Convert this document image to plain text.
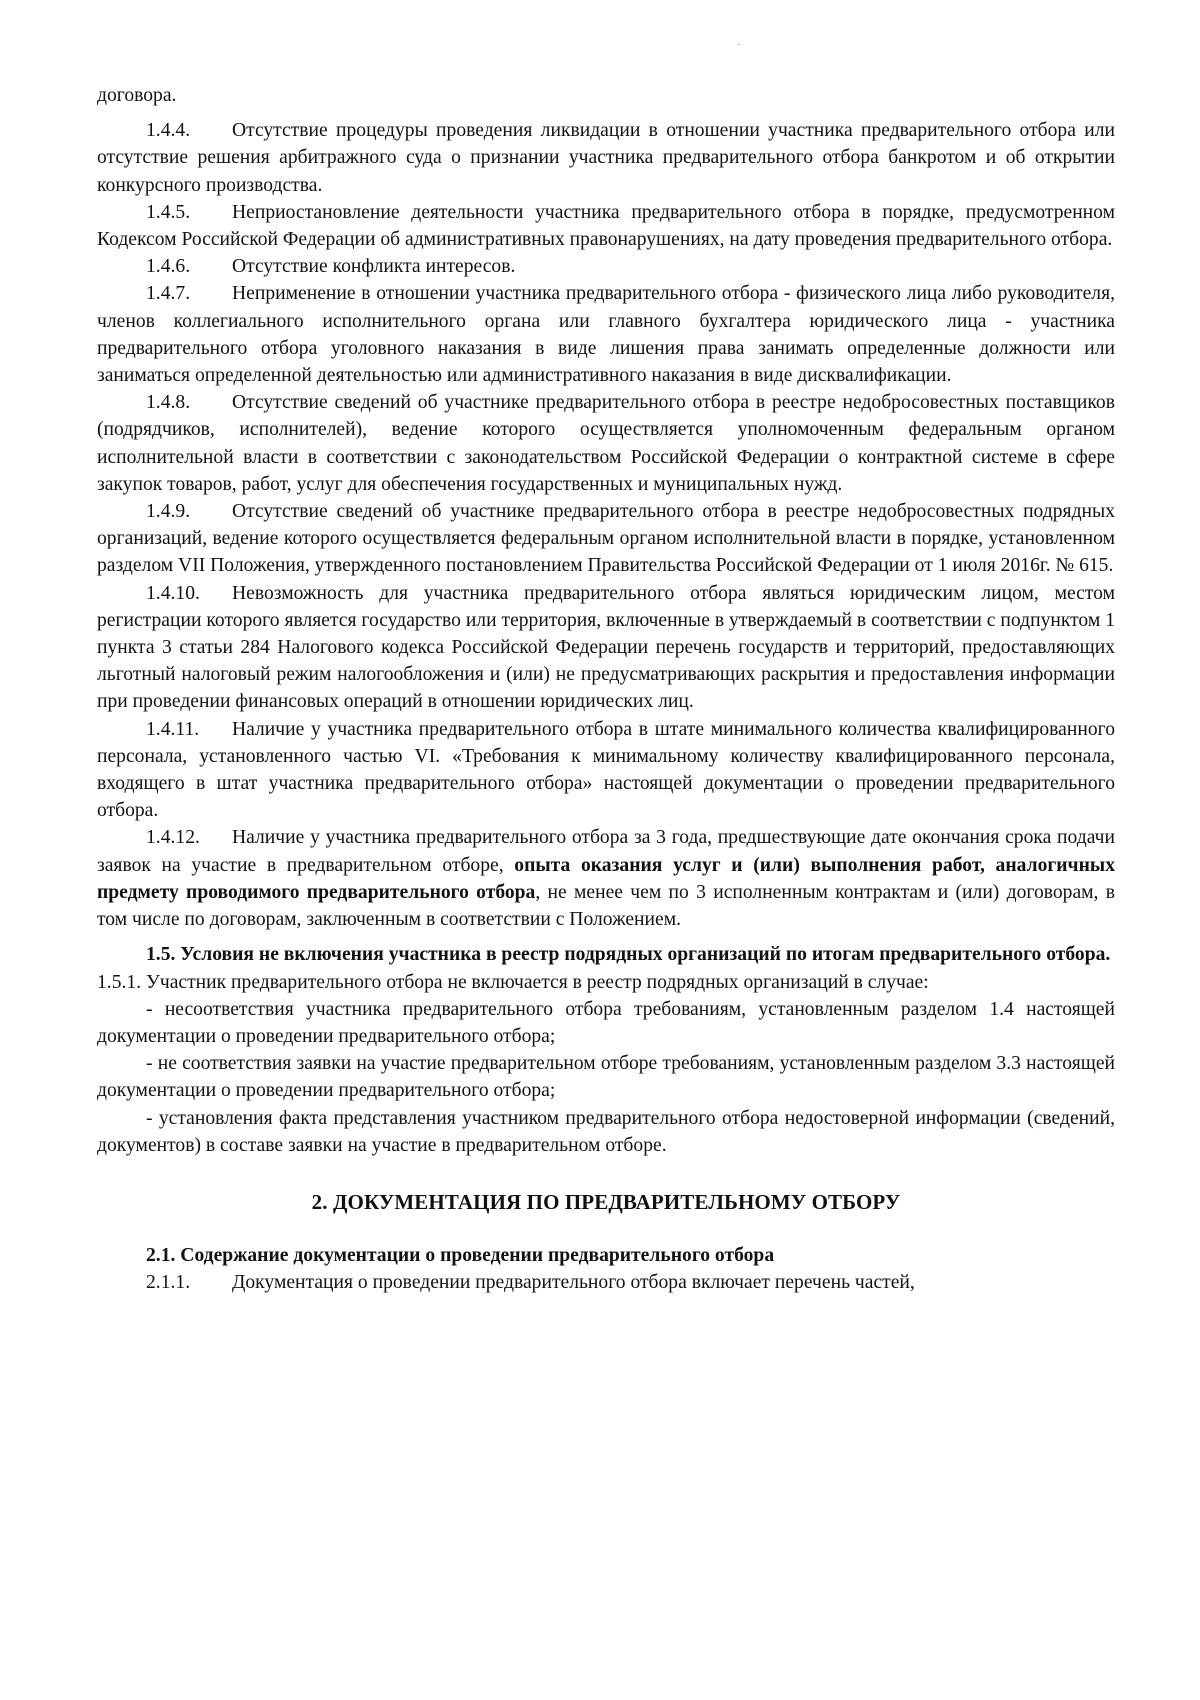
договора.

1.4.4. Отсутствие процедуры проведения ликвидации в отношении участника предварительного отбора или отсутствие решения арбитражного суда о признании участника предварительного отбора банкротом и об открытии конкурсного производства.

1.4.5. Неприостановление деятельности участника предварительного отбора в порядке, предусмотренном Кодексом Российской Федерации об административных правонарушениях, на дату проведения предварительного отбора.

1.4.6. Отсутствие конфликта интересов.

1.4.7. Неприменение в отношении участника предварительного отбора - физического лица либо руководителя, членов коллегиального исполнительного органа или главного бухгалтера юридического лица - участника предварительного отбора уголовного наказания в виде лишения права занимать определенные должности или заниматься определенной деятельностью или административного наказания в виде дисквалификации.

1.4.8. Отсутствие сведений об участнике предварительного отбора в реестре недобросовестных поставщиков (подрядчиков, исполнителей), ведение которого осуществляется уполномоченным федеральным органом исполнительной власти в соответствии с законодательством Российской Федерации о контрактной системе в сфере закупок товаров, работ, услуг для обеспечения государственных и муниципальных нужд.

1.4.9. Отсутствие сведений об участнике предварительного отбора в реестре недобросовестных подрядных организаций, ведение которого осуществляется федеральным органом исполнительной власти в порядке, установленном разделом VII Положения, утвержденного постановлением Правительства Российской Федерации от 1 июля 2016г. № 615.

1.4.10. Невозможность для участника предварительного отбора являться юридическим лицом, местом регистрации которого является государство или территория, включенные в утверждаемый в соответствии с подпунктом 1 пункта 3 статьи 284 Налогового кодекса Российской Федерации перечень государств и территорий, предоставляющих льготный налоговый режим налогообложения и (или) не предусматривающих раскрытия и предоставления информации при проведении финансовых операций в отношении юридических лиц.

1.4.11. Наличие у участника предварительного отбора в штате минимального количества квалифицированного персонала, установленного частью VI. «Требования к минимальному количеству квалифицированного персонала, входящего в штат участника предварительного отбора» настоящей документации о проведении предварительного отбора.

1.4.12. Наличие у участника предварительного отбора за 3 года, предшествующие дате окончания срока подачи заявок на участие в предварительном отборе, опыта оказания услуг и (или) выполнения работ, аналогичных предмету проводимого предварительного отбора, не менее чем по 3 исполненным контрактам и (или) договорам, в том числе по договорам, заключенным в соответствии с Положением.

1.5. Условия не включения участника в реестр подрядных организаций по итогам предварительного отбора.

1.5.1. Участник предварительного отбора не включается в реестр подрядных организаций в случае:

- несоответствия участника предварительного отбора требованиям, установленным разделом 1.4 настоящей документации о проведении предварительного отбора;

- не соответствия заявки на участие предварительном отборе требованиям, установленным разделом 3.3 настоящей документации о проведении предварительного отбора;

- установления факта представления участником предварительного отбора недостоверной информации (сведений, документов) в составе заявки на участие в предварительном отборе.

2. ДОКУМЕНТАЦИЯ ПО ПРЕДВАРИТЕЛЬНОМУ ОТБОРУ

2.1. Содержание документации о проведении предварительного отбора

2.1.1. Документация о проведении предварительного отбора включает перечень частей,
